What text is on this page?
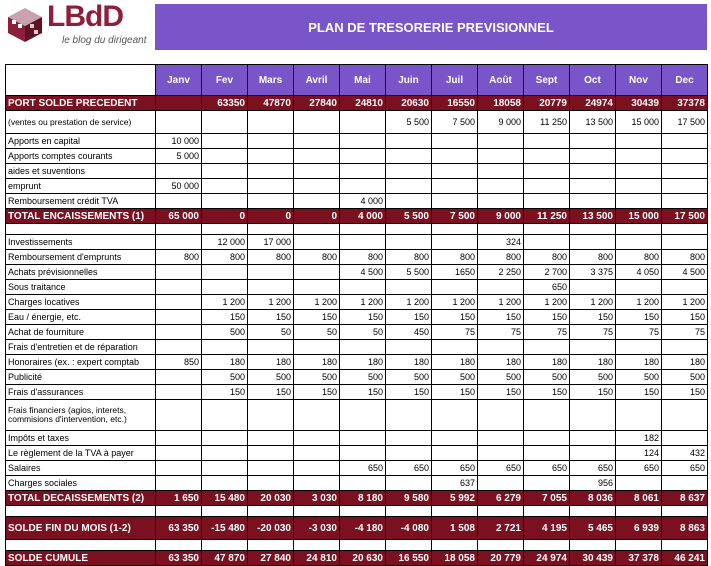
LBdD
le blog du dirigeant
PLAN DE TRESORERIE PREVISIONNEL
	Janv	Fev	Mars	Avril	Mai	Juin	Juil	Août	Sept	Oct	Nov	Dec
PORT SOLDE PRECEDENT		63350	47870	27840	24810	20630	16550	18058	20779	24974	30439	37378
(ventes ou prestation de service)						5 500	7 500	9 000	11 250	13 500	15 000	17 500
Apports en capital	10 000											
Apports comptes courants	5 000											
aides et suventions												
emprunt	50 000											
Remboursement crédit TVA					4 000							
TOTAL ENCAISSEMENTS (1)	65 000	0	0	0	4 000	5 500	7 500	9 000	11 250	13 500	15 000	17 500

Investissements		12 000	17 000					324				
Remboursement d'emprunts	800	800	800	800	800	800	800	800	800	800	800	800
Achats prévisionnelles					4 500	5 500	1650	2 250	2 700	3 375	4 050	4 500
Sous traitance									650			
Charges locatives		1 200	1 200	1 200	1 200	1 200	1 200	1 200	1 200	1 200	1 200	1 200
Eau / énergie, etc.		150	150	150	150	150	150	150	150	150	150	150
Achat de fourniture		500	50	50	50	450	75	75	75	75	75	75
Frais d'entretien et de réparation												
Honoraires (ex. : expert comptab	850	180	180	180	180	180	180	180	180	180	180	180
Publicité		500	500	500	500	500	500	500	500	500	500	500
Frais d'assurances		150	150	150	150	150	150	150	150	150	150	150
Frais financiers (agios, interets, commisions d'intervention, etc.)												
Impôts et taxes											182	
Le règlement de la TVA à payer											124	432
Salaires					650	650	650	650	650	650	650	650
Charges sociales							637			956		
TOTAL DECAISSEMENTS (2)	1 650	15 480	20 030	3 030	8 180	9 580	5 992	6 279	7 055	8 036	8 061	8 637

SOLDE FIN DU MOIS (1-2)	63 350	-15 480	-20 030	-3 030	-4 180	-4 080	1 508	2 721	4 195	5 465	6 939	8 863

SOLDE CUMULE	63 350	47 870	27 840	24 810	20 630	16 550	18 058	20 779	24 974	30 439	37 378	46 241
